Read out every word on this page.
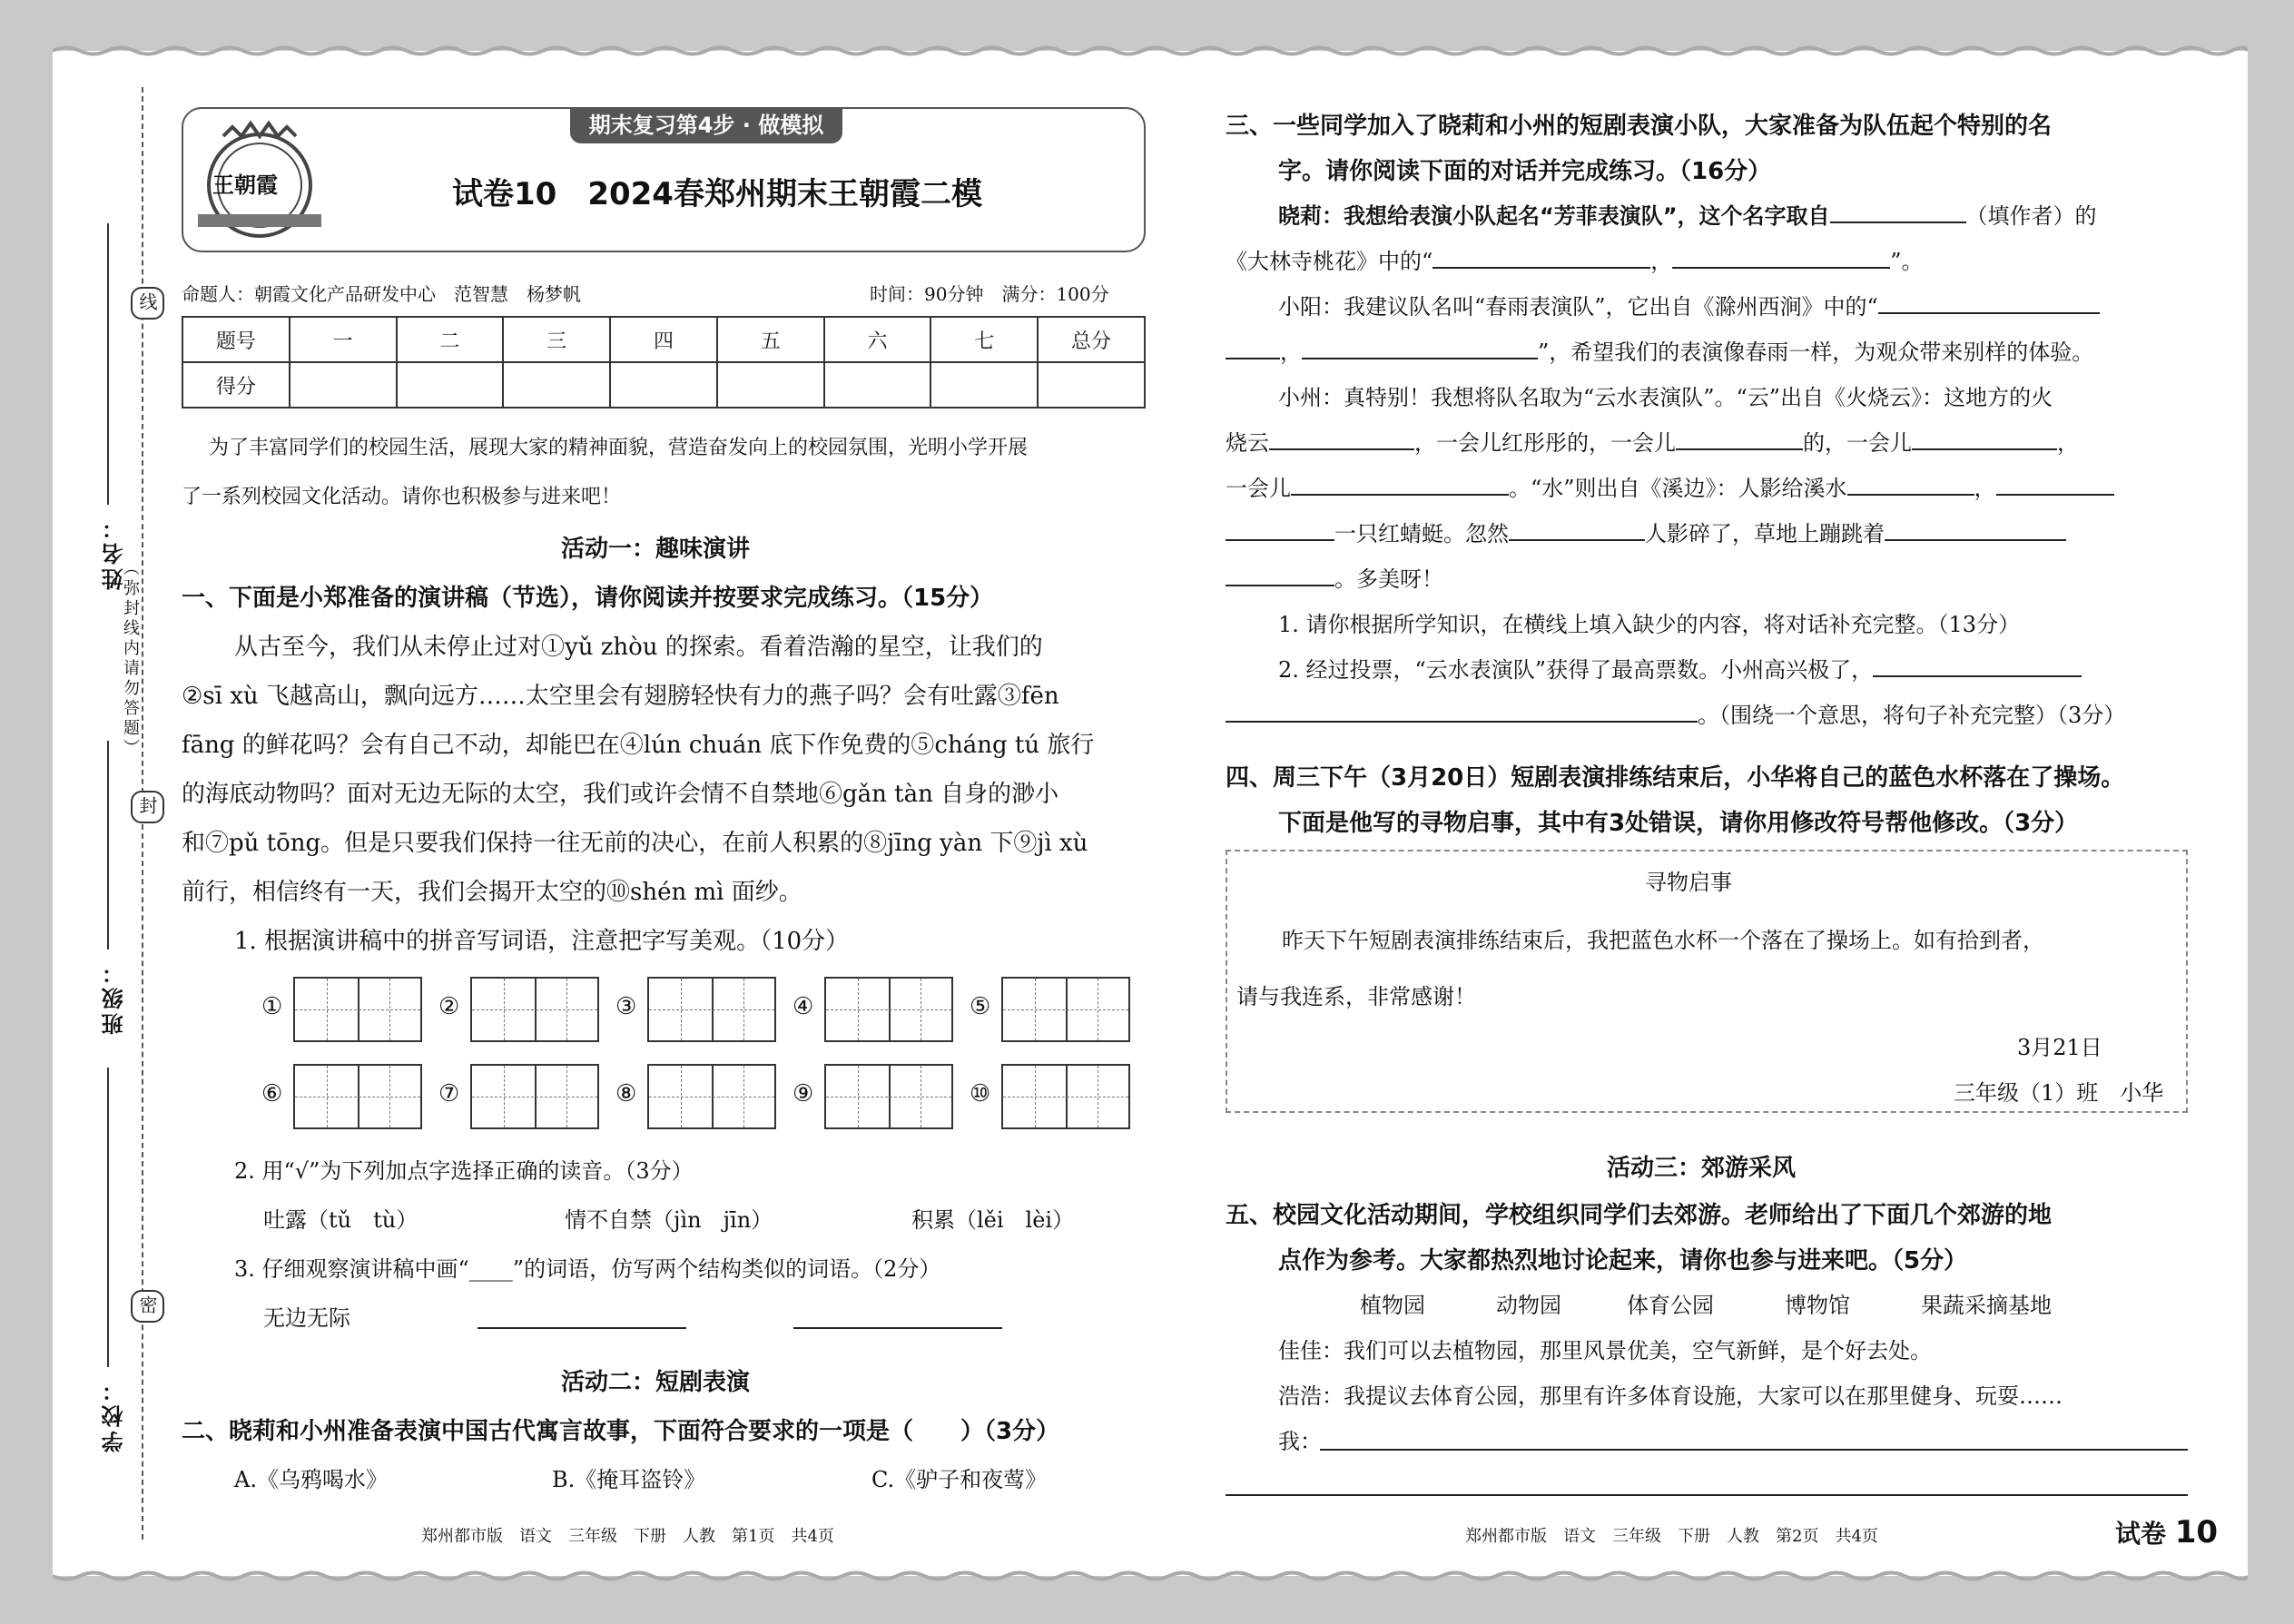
线
封
密
（弥封线内请勿答题）
姓名：
班级：
学校：
期末复习第4步 · 做模拟
王朝霞	试卷10　2024春郑州期末王朝霞二模
命题人：朝霞文化产品研发中心　范智慧　杨梦帆	时间：90分钟　满分：100分
题号	一	二	三	四	五	六	七	总分
得分								
为了丰富同学们的校园生活，展现大家的精神面貌，营造奋发向上的校园氛围，光明小学开展
了一系列校园文化活动。请你也积极参与进来吧！
活动一：趣味演讲
一、下面是小郑准备的演讲稿（节选），请你阅读并按要求完成练习。（15分）
从古至今，我们从未停止过对①yǔ zhòu 的探索。看着浩瀚的星空，让我们的
②sī xù 飞越高山，飘向远方……太空里会有翅膀轻快有力的燕子吗？会有吐露③fēn
fāng 的鲜花吗？会有自己不动，却能巴在④lún chuán 底下作免费的⑤cháng tú 旅行
的海底动物吗？面对无边无际的太空，我们或许会情不自禁地⑥gǎn tàn 自身的渺小
和⑦pǔ tōng。但是只要我们保持一往无前的决心，在前人积累的⑧jīng yàn 下⑨jì xù
前行，相信终有一天，我们会揭开太空的⑩shén mì 面纱。
1. 根据演讲稿中的拼音写词语，注意把字写美观。（10分）
①	②	③	④	⑤
⑥	⑦	⑧	⑨	⑩
2. 用“√”为下列加点字选择正确的读音。（3分）
吐露（tǔ　tù）	情不自禁（jìn　jīn）	积累（lěi　lèi）
3. 仔细观察演讲稿中画“____”的词语，仿写两个结构类似的词语。（2分）
无边无际
活动二：短剧表演
二、晓莉和小州准备表演中国古代寓言故事，下面符合要求的一项是（　　）（3分）
A.《乌鸦喝水》	B.《掩耳盗铃》	C.《驴子和夜莺》
郑州都市版　语文　三年级　下册　人教　第1页　共4页
三、一些同学加入了晓莉和小州的短剧表演小队，大家准备为队伍起个特别的名
字。请你阅读下面的对话并完成练习。（16分）
晓莉：我想给表演小队起名“芳菲表演队”，这个名字取自	（填作者）的
《大林寺桃花》中的“	，	”。
小阳：我建议队名叫“春雨表演队”，它出自《滁州西涧》中的“
，	”，希望我们的表演像春雨一样，为观众带来别样的体验。
小州：真特别！我想将队名取为“云水表演队”。“云”出自《火烧云》：这地方的火
烧云	，一会儿红彤彤的，一会儿	的，一会儿	，
一会儿	。“水”则出自《溪边》：人影给溪水	，
一只红蜻蜓。忽然	人影碎了，草地上蹦跳着
。多美呀！
1. 请你根据所学知识，在横线上填入缺少的内容，将对话补充完整。（13分）
2. 经过投票，“云水表演队”获得了最高票数。小州高兴极了，
。（围绕一个意思，将句子补充完整）（3分）
四、周三下午（3月20日）短剧表演排练结束后，小华将自己的蓝色水杯落在了操场。
下面是他写的寻物启事，其中有3处错误，请你用修改符号帮他修改。（3分）
寻物启事
昨天下午短剧表演排练结束后，我把蓝色水杯一个落在了操场上。如有拾到者，
请与我连系，非常感谢！
3月21日
三年级（1）班　小华
活动三：郊游采风
五、校园文化活动期间，学校组织同学们去郊游。老师给出了下面几个郊游的地
点作为参考。大家都热烈地讨论起来，请你也参与进来吧。（5分）
植物园	动物园	体育公园	博物馆	果蔬采摘基地
佳佳：我们可以去植物园，那里风景优美，空气新鲜，是个好去处。
浩浩：我提议去体育公园，那里有许多体育设施，大家可以在那里健身、玩耍……
我：
郑州都市版　语文　三年级　下册　人教　第2页　共4页	试卷 10
